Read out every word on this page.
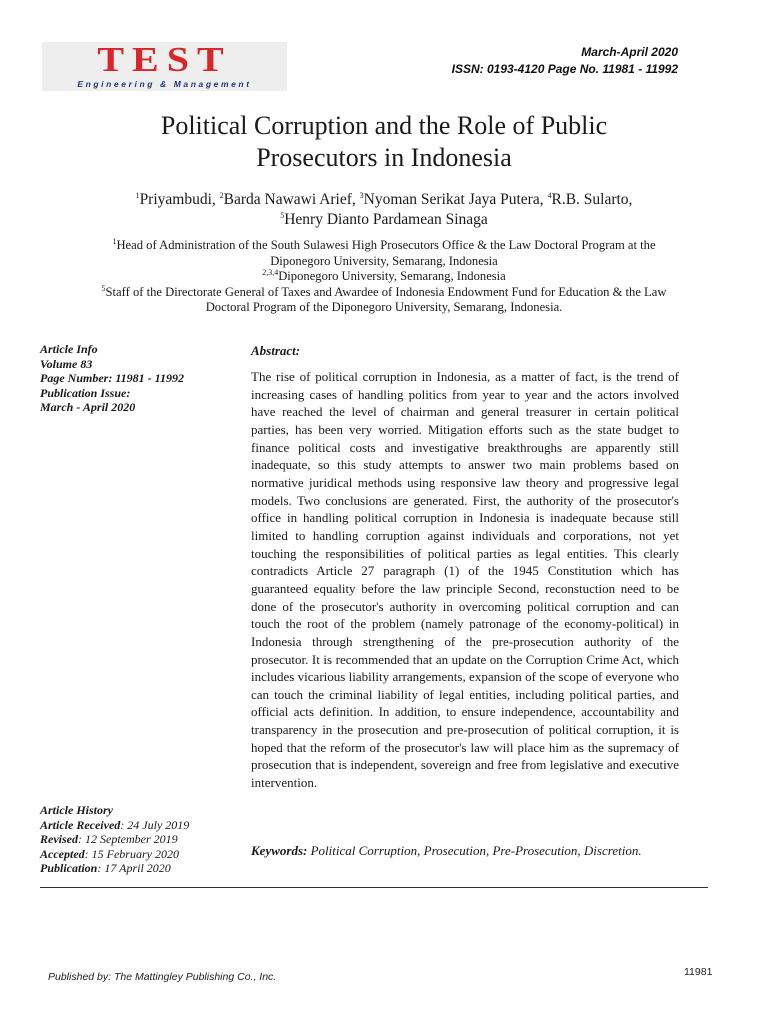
TEST
Engineering & Management
March-April 2020
ISSN: 0193-4120 Page No. 11981 - 11992
Political Corruption and the Role of Public
Prosecutors in Indonesia
$^1$Priyambudi, $^2$Barda Nawawi Arief, $^3$Nyoman Serikat Jaya Putera, $^4$R.B. Sularto,
$^5$Henry Dianto Pardamean Sinaga
$^1$Head of Administration of the South Sulawesi High Prosecutors Office & the Law Doctoral Program at the
Diponegoro University, Semarang, Indonesia
$^{2,3,4}$Diponegoro University, Semarang, Indonesia
$^5$Staff of the Directorate General of Taxes and Awardee of Indonesia Endowment Fund for Education & the Law
Doctoral Program of the Diponegoro University, Semarang, Indonesia.
Article Info
Volume 83
Page Number: 11981 - 11992
Publication Issue:
March - April 2020
Article History
Article Received: 24 July 2019
Revised: 12 September 2019
Accepted: 15 February 2020
Publication: 17 April 2020
Abstract:
The rise of political corruption in Indonesia, as a matter of fact, is the trend of increasing cases of handling politics from year to year and the actors involved have reached the level of chairman and general treasurer in certain political parties, has been very worried. Mitigation efforts such as the state budget to finance political costs and investigative breakthroughs are apparently still inadequate, so this study attempts to answer two main problems based on normative juridical methods using responsive law theory and progressive legal models. Two conclusions are generated. First, the authority of the prosecutor's office in handling political corruption in Indonesia is inadequate because still limited to handling corruption against individuals and corporations, not yet touching the responsibilities of political parties as legal entities. This clearly contradicts Article 27 paragraph (1) of the 1945 Constitution which has guaranteed equality before the law principle Second, reconstuction need to be done of the prosecutor's authority in overcoming political corruption and can touch the root of the problem (namely patronage of the economy-political) in Indonesia through strengthening of the pre-prosecution authority of the prosecutor. It is recommended that an update on the Corruption Crime Act, which includes vicarious liability arrangements, expansion of the scope of everyone who can touch the criminal liability of legal entities, including political parties, and official acts definition. In addition, to ensure independence, accountability and transparency in the prosecution and pre-prosecution of political corruption, it is hoped that the reform of the prosecutor's law will place him as the supremacy of prosecution that is independent, sovereign and free from legislative and executive intervention.
Keywords: Political Corruption, Prosecution, Pre-Prosecution, Discretion.
Published by: The Mattingley Publishing Co., Inc.	11981
